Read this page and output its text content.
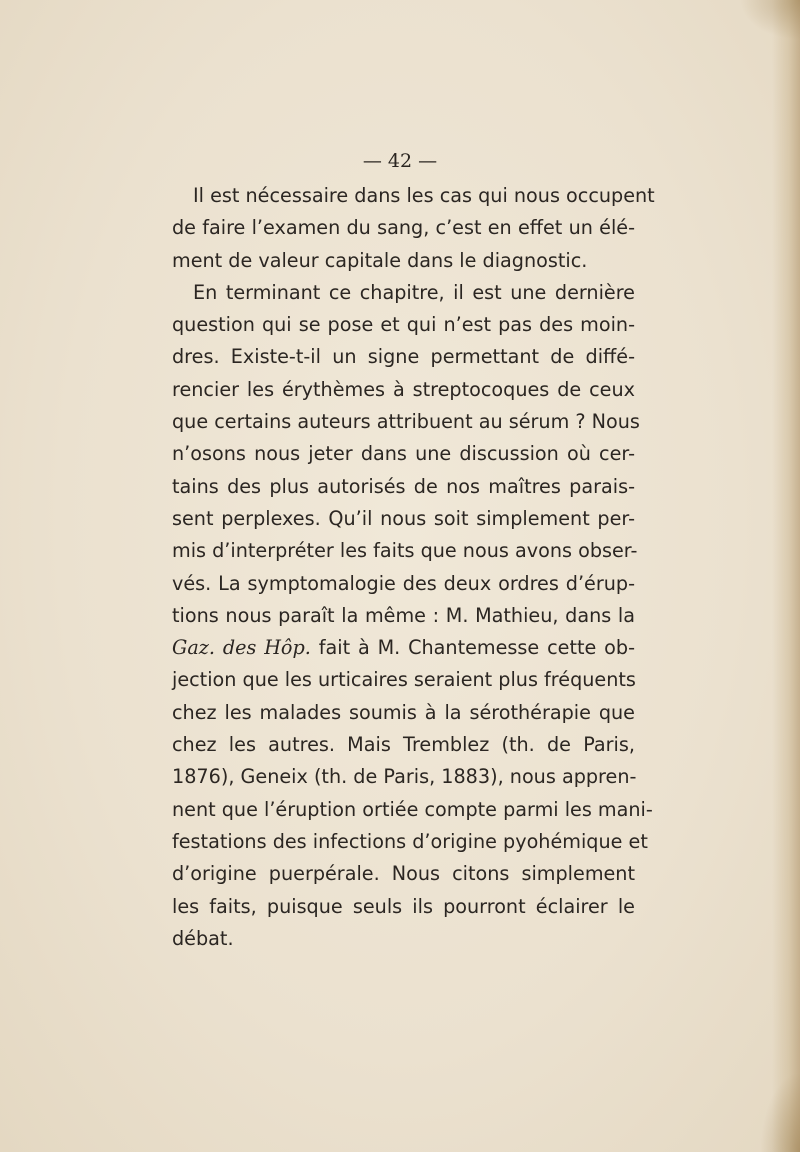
— 42 —
Il est nécessaire dans les cas qui nous occupent
de faire l’examen du sang, c’est en effet un élé-
ment de valeur capitale dans le diagnostic.
En terminant ce chapitre, il est une dernière
question qui se pose et qui n’est pas des moin-
dres. Existe-t-il un signe permettant de diffé-
rencier les érythèmes à streptocoques de ceux
que certains auteurs attribuent au sérum ? Nous
n’osons nous jeter dans une discussion où cer-
tains des plus autorisés de nos maîtres parais-
sent perplexes. Qu’il nous soit simplement per-
mis d’interpréter les faits que nous avons obser-
vés. La symptomalogie des deux ordres d’érup-
tions nous paraît la même : M. Mathieu, dans la
Gaz. des Hôp. fait à M. Chantemesse cette ob-
jection que les urticaires seraient plus fréquents
chez les malades soumis à la sérothérapie que
chez les autres. Mais Tremblez (th. de Paris,
1876), Geneix (th. de Paris, 1883), nous appren-
nent que l’éruption ortiée compte parmi les mani-
festations des infections d’origine pyohémique et
d’origine puerpérale. Nous citons simplement
les faits, puisque seuls ils pourront éclairer le
débat.
